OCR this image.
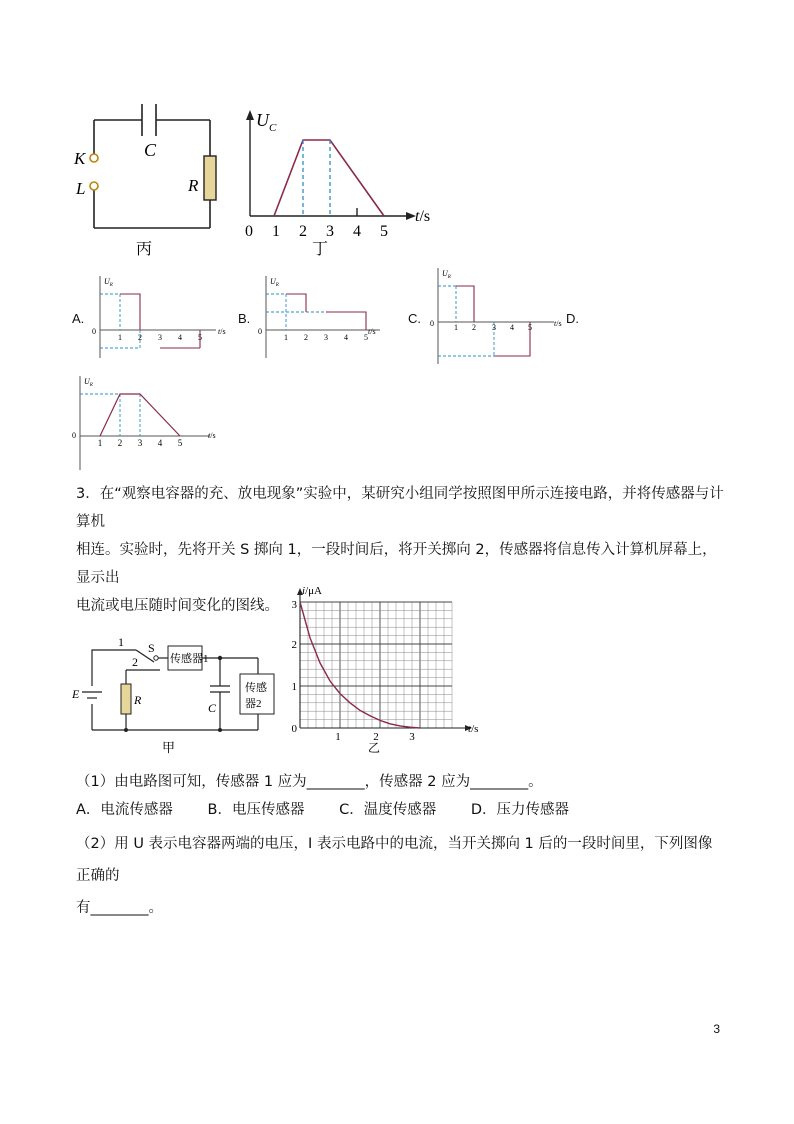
K
L
C
R
丙
$U_C$
t/s
0 1 2 3 4 5
丁
A.
$U_R$
0	t/s
1 2 3 4 5
B.
$U_R$
0	t/s
1 2 3 4 5
C.
$U_R$
0	t/s
1 2 3 4 5
D.
$U_R$
0	t/s
1 2 3 4 5
3．在“观察电容器的充、放电现象”实验中，某研究小组同学按照图甲所示连接电路，并将传感器与计算机
相连。实验时，先将开关 S 掷向 1，一段时间后，将开关掷向 2，传感器将信息传入计算机屏幕上，显示出
电流或电压随时间变化的图线。
1
2
S
E	R
C
传感器1
传感
器2
甲
i/μA
t/s
0
1
2
3
1	2	3
乙
（1）由电路图可知，传感器 1 应为________，传感器 2 应为________。
A．电流传感器 B．电压传感器 C．温度传感器 D．压力传感器
（2）用 U 表示电容器两端的电压，I 表示电路中的电流，当开关掷向 1 后的一段时间里，下列图像正确的
有________。
3
